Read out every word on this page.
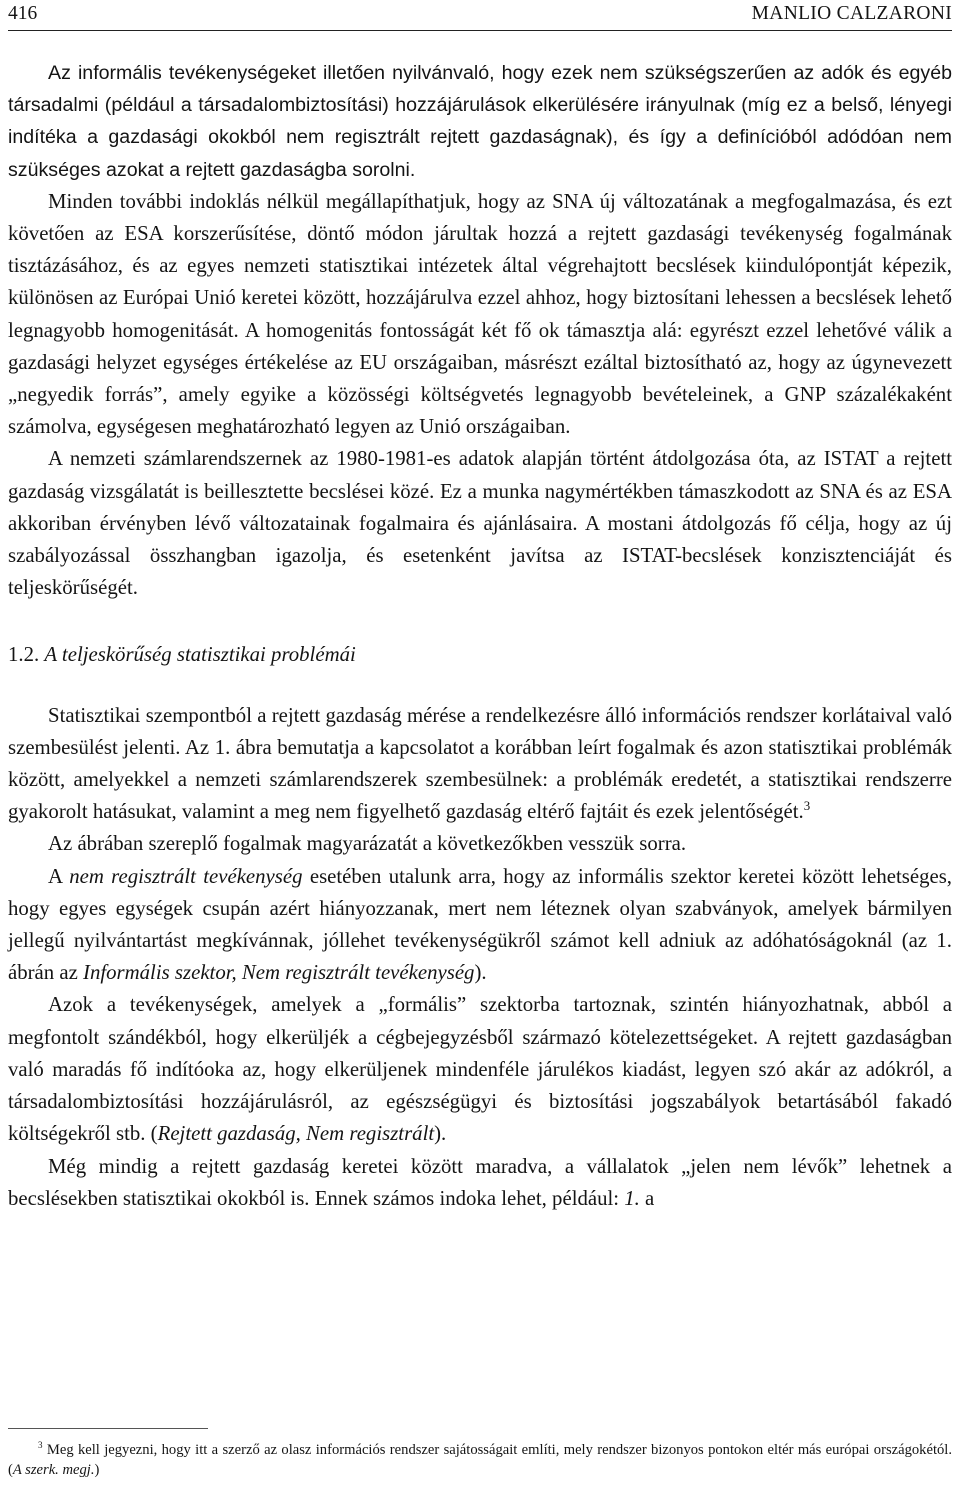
416	MANLIO CALZARONI

Az informális tevékenységeket illetően nyilvánvaló, hogy ezek nem szükségszerűen az adók és egyéb társadalmi (például a társadalombiztosítási) hozzájárulások elkerülésére irányulnak (míg ez a belső, lényegi indítéka a gazdasági okokból nem regisztrált rejtett gazdaságnak), és így a definícióból adódóan nem szükséges azokat a rejtett gazdaságba sorolni.

Minden további indoklás nélkül megállapíthatjuk, hogy az SNA új változatának a megfogalmazása, és ezt követően az ESA korszerűsítése, döntő módon járultak hozzá a rejtett gazdasági tevékenység fogalmának tisztázásához, és az egyes nemzeti statisztikai intézetek által végrehajtott becslések kiindulópontját képezik, különösen az Európai Unió keretei között, hozzájárulva ezzel ahhoz, hogy biztosítani lehessen a becslések lehető legnagyobb homogenitását. A homogenitás fontosságát két fő ok támasztja alá: egyrészt ezzel lehetővé válik a gazdasági helyzet egységes értékelése az EU országaiban, másrészt ezáltal biztosítható az, hogy az úgynevezett „negyedik forrás”, amely egyike a közösségi költségvetés legnagyobb bevételeinek, a GNP százalékaként számolva, egységesen meghatározható legyen az Unió országaiban.

A nemzeti számlarendszernek az 1980-1981-es adatok alapján történt átdolgozása óta, az ISTAT a rejtett gazdaság vizsgálatát is beillesztette becslései közé. Ez a munka nagymértékben támaszkodott az SNA és az ESA akkoriban érvényben lévő változatainak fogalmaira és ajánlásaira. A mostani átdolgozás fő célja, hogy az új szabályozással összhangban igazolja, és esetenként javítsa az ISTAT-becslések konzisztenciáját és teljeskörűségét.

1.2. A teljeskörűség statisztikai problémái

Statisztikai szempontból a rejtett gazdaság mérése a rendelkezésre álló információs rendszer korlátaival való szembesülést jelenti. Az 1. ábra bemutatja a kapcsolatot a korábban leírt fogalmak és azon statisztikai problémák között, amelyekkel a nemzeti számlarendszerek szembesülnek: a problémák eredetét, a statisztikai rendszerre gyakorolt hatásukat, valamint a meg nem figyelhető gazdaság eltérő fajtáit és ezek jelentőségét.$^3$

Az ábrában szereplő fogalmak magyarázatát a következőkben vesszük sorra.

A nem regisztrált tevékenység esetében utalunk arra, hogy az informális szektor keretei között lehetséges, hogy egyes egységek csupán azért hiányozzanak, mert nem léteznek olyan szabványok, amelyek bármilyen jellegű nyilvántartást megkívánnak, jóllehet tevékenységükről számot kell adniuk az adóhatóságoknál (az 1. ábrán az Informális szektor, Nem regisztrált tevékenység).

Azok a tevékenységek, amelyek a „formális” szektorba tartoznak, szintén hiányozhatnak, abból a megfontolt szándékból, hogy elkerüljék a cégbejegyzésből származó kötelezettségeket. A rejtett gazdaságban való maradás fő indítóoka az, hogy elkerüljenek mindenféle járulékos kiadást, legyen szó akár az adókról, a társadalombiztosítási hozzájárulásról, az egészségügyi és biztosítási jogszabályok betartásából fakadó költségekről stb. (Rejtett gazdaság, Nem regisztrált).

Még mindig a rejtett gazdaság keretei között maradva, a vállalatok „jelen nem lévők” lehetnek a becslésekben statisztikai okokból is. Ennek számos indoka lehet, például: 1. a

$^3$ Meg kell jegyezni, hogy itt a szerző az olasz információs rendszer sajátosságait említi, mely rendszer bizonyos pontokon eltér más európai országokétól. (A szerk. megj.)
